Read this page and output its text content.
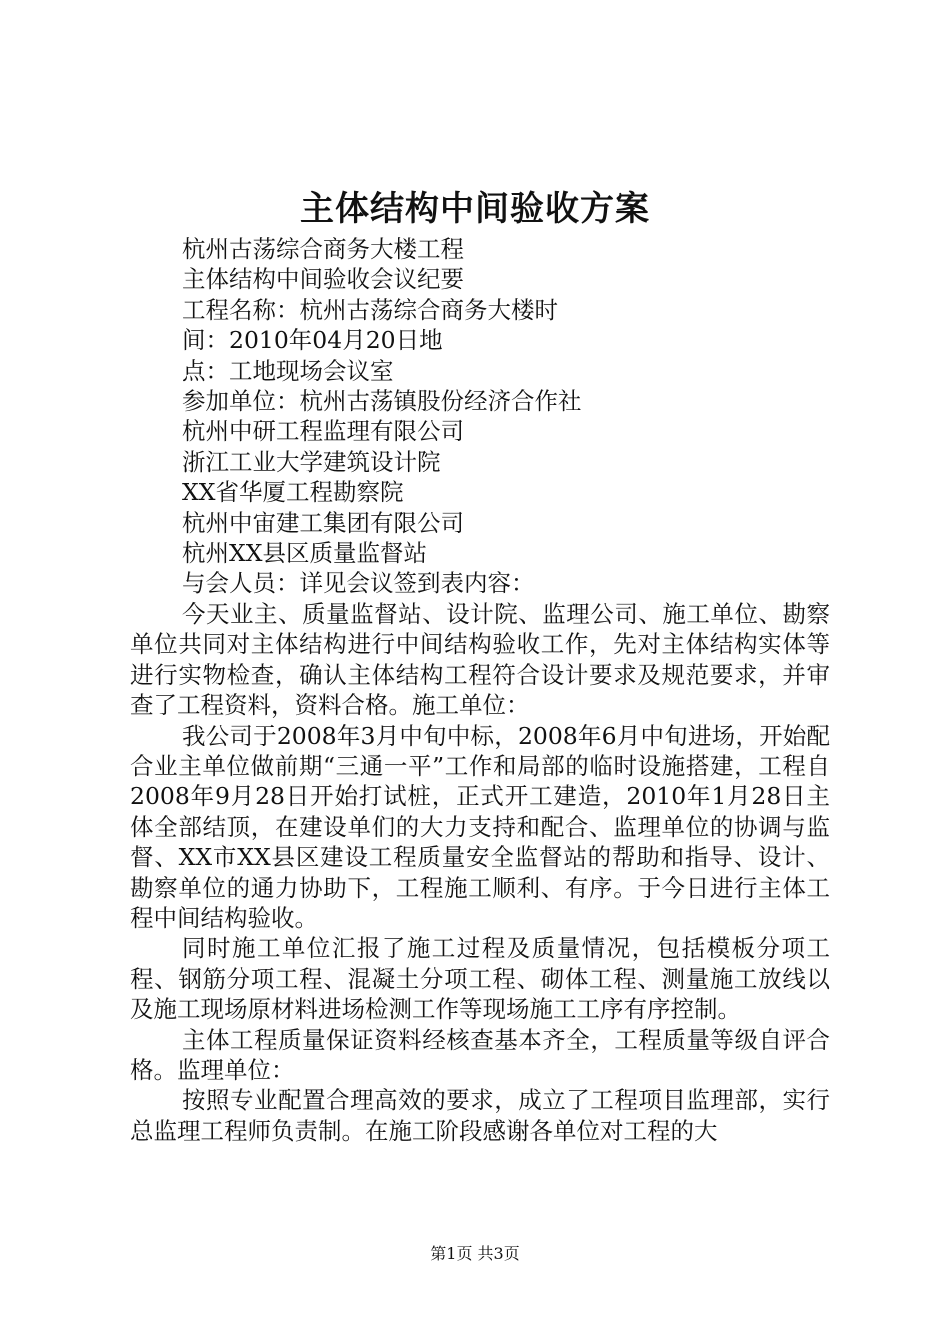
主体结构中间验收方案

杭州古荡综合商务大楼工程

主体结构中间验收会议纪要

工程名称：杭州古荡综合商务大楼时

间：2010年04月20日地

点：工地现场会议室

参加单位：杭州古荡镇股份经济合作社

杭州中研工程监理有限公司

浙江工业大学建筑设计院

XX省华厦工程勘察院

杭州中宙建工集团有限公司

杭州XX县区质量监督站

与会人员：详见会议签到表内容：

今天业主、质量监督站、设计院、监理公司、施工单位、勘察单位共同对主体结构进行中间结构验收工作，先对主体结构实体等进行实物检查，确认主体结构工程符合设计要求及规范要求，并审查了工程资料，资料合格。施工单位：

我公司于2008年3月中旬中标，2008年6月中旬进场，开始配合业主单位做前期“三通一平”工作和局部的临时设施搭建，工程自2008年9月28日开始打试桩，正式开工建造，2010年1月28日主体全部结顶，在建设单们的大力支持和配合、监理单位的协调与监督、XX市XX县区建设工程质量安全监督站的帮助和指导、设计、勘察单位的通力协助下，工程施工顺利、有序。于今日进行主体工程中间结构验收。

同时施工单位汇报了施工过程及质量情况，包括模板分项工程、钢筋分项工程、混凝土分项工程、砌体工程、测量施工放线以及施工现场原材料进场检测工作等现场施工工序有序控制。

主体工程质量保证资料经核查基本齐全，工程质量等级自评合格。监理单位：

按照专业配置合理高效的要求，成立了工程项目监理部，实行总监理工程师负责制。在施工阶段感谢各单位对工程的大

第1页 共3页
